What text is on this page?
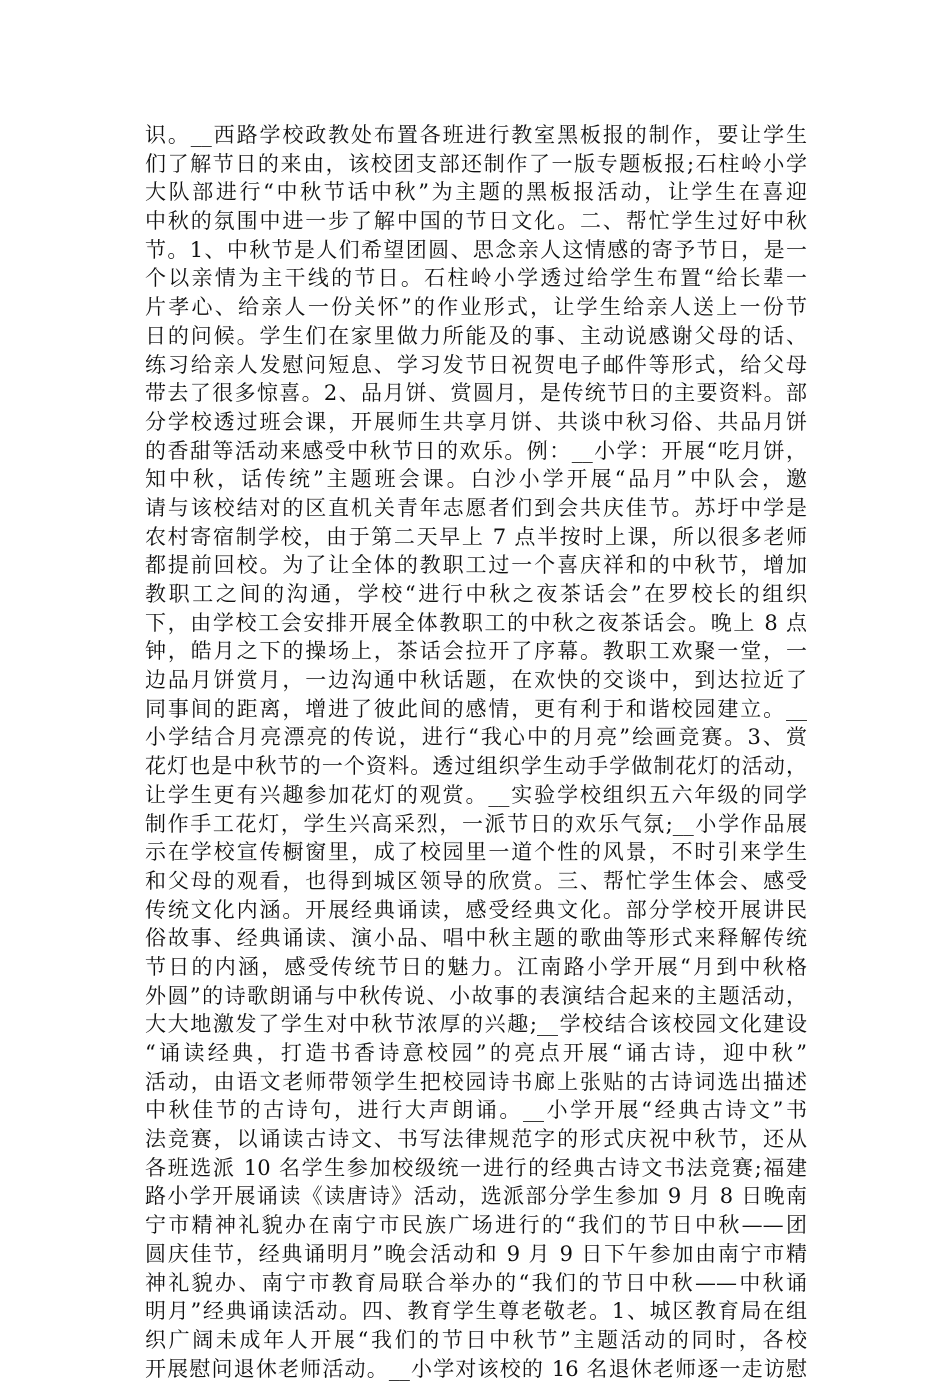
识。__西路学校政教处布置各班进行教室黑板报的制作，要让学生
们了解节日的来由，该校团支部还制作了一版专题板报;石柱岭小学
大队部进行“中秋节话中秋”为主题的黑板报活动，让学生在喜迎
中秋的氛围中进一步了解中国的节日文化。二、帮忙学生过好中秋
节。1、中秋节是人们希望团圆、思念亲人这情感的寄予节日，是一
个以亲情为主干线的节日。石柱岭小学透过给学生布置“给长辈一
片孝心、给亲人一份关怀”的作业形式，让学生给亲人送上一份节
日的问候。学生们在家里做力所能及的事、主动说感谢父母的话、
练习给亲人发慰问短息、学习发节日祝贺电子邮件等形式，给父母
带去了很多惊喜。2、品月饼、赏圆月，是传统节日的主要资料。部
分学校透过班会课，开展师生共享月饼、共谈中秋习俗、共品月饼
的香甜等活动来感受中秋节日的欢乐。例：__小学：开展“吃月饼，
知中秋，话传统”主题班会课。白沙小学开展“品月”中队会，邀
请与该校结对的区直机关青年志愿者们到会共庆佳节。苏圩中学是
农村寄宿制学校，由于第二天早上 7 点半按时上课，所以很多老师
都提前回校。为了让全体的教职工过一个喜庆祥和的中秋节，增加
教职工之间的沟通，学校“进行中秋之夜茶话会”在罗校长的组织
下，由学校工会安排开展全体教职工的中秋之夜茶话会。晚上 8 点
钟，皓月之下的操场上，茶话会拉开了序幕。教职工欢聚一堂，一
边品月饼赏月，一边沟通中秋话题，在欢快的交谈中，到达拉近了
同事间的距离，增进了彼此间的感情，更有利于和谐校园建立。__
小学结合月亮漂亮的传说，进行“我心中的月亮”绘画竞赛。3、赏
花灯也是中秋节的一个资料。透过组织学生动手学做制花灯的活动，
让学生更有兴趣参加花灯的观赏。__实验学校组织五六年级的同学
制作手工花灯，学生兴高采烈，一派节日的欢乐气氛;__小学作品展
示在学校宣传橱窗里，成了校园里一道个性的风景，不时引来学生
和父母的观看，也得到城区领导的欣赏。三、帮忙学生体会、感受
传统文化内涵。开展经典诵读，感受经典文化。部分学校开展讲民
俗故事、经典诵读、演小品、唱中秋主题的歌曲等形式来释解传统
节日的内涵，感受传统节日的魅力。江南路小学开展“月到中秋格
外圆”的诗歌朗诵与中秋传说、小故事的表演结合起来的主题活动，
大大地激发了学生对中秋节浓厚的兴趣;__学校结合该校园文化建设
“诵读经典，打造书香诗意校园”的亮点开展“诵古诗，迎中秋”
活动，由语文老师带领学生把校园诗书廊上张贴的古诗词选出描述
中秋佳节的古诗句，进行大声朗诵。__小学开展“经典古诗文”书
法竞赛，以诵读古诗文、书写法律规范字的形式庆祝中秋节，还从
各班选派 10 名学生参加校级统一进行的经典古诗文书法竞赛;福建
路小学开展诵读《读唐诗》活动，选派部分学生参加 9 月 8 日晚南
宁市精神礼貌办在南宁市民族广场进行的“我们的节日中秋——团
圆庆佳节，经典诵明月”晚会活动和 9 月 9 日下午参加由南宁市精
神礼貌办、南宁市教育局联合举办的“我们的节日中秋——中秋诵
明月”经典诵读活动。四、教育学生尊老敬老。1、城区教育局在组
织广阔未成年人开展“我们的节日中秋节”主题活动的同时，各校
开展慰问退休老师活动。__小学对该校的 16 名退休老师逐一走访慰
